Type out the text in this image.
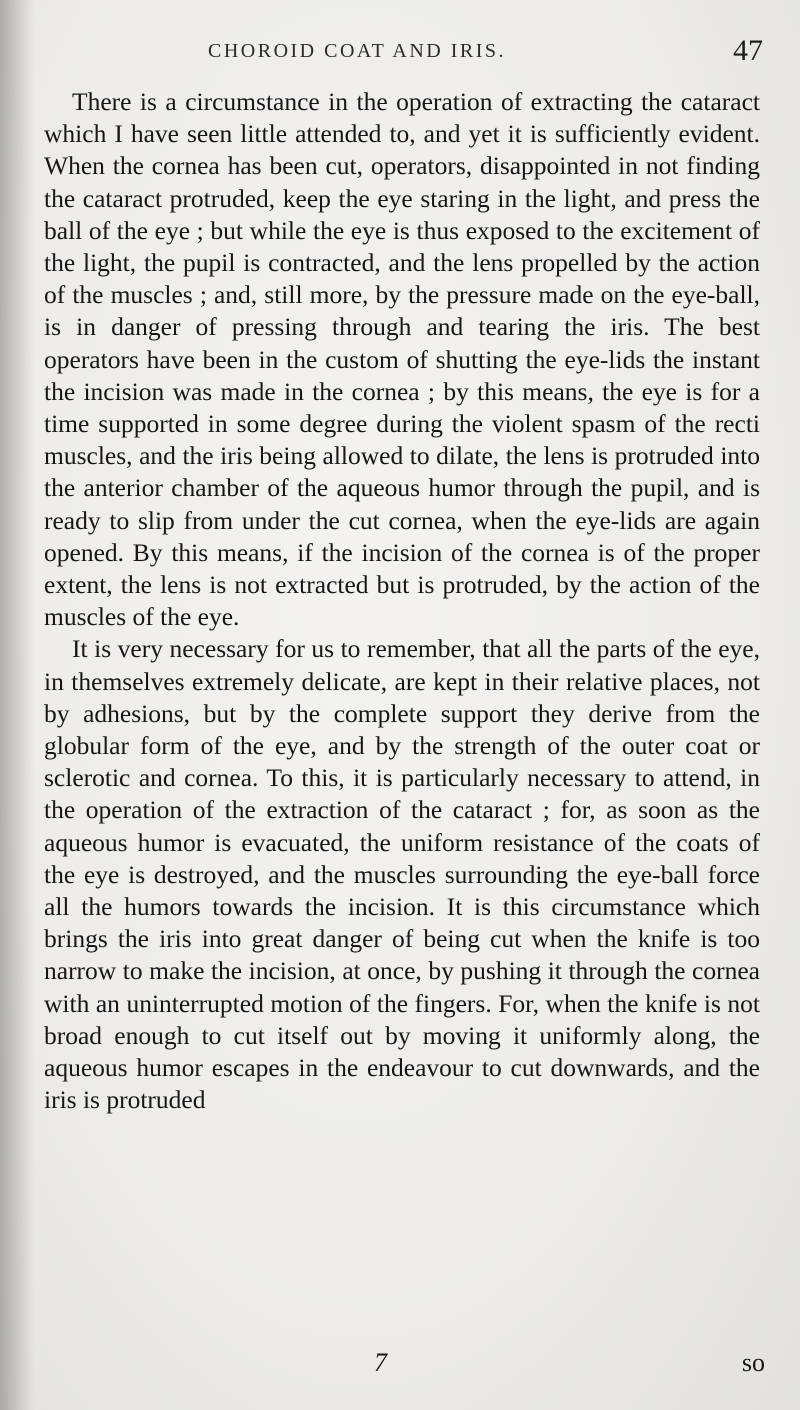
CHOROID COAT AND IRIS.	47

There is a circumstance in the operation of extracting the cataract which I have seen little attended to, and yet it is sufficiently evident. When the cornea has been cut, operators, disappointed in not finding the cataract protruded, keep the eye staring in the light, and press the ball of the eye ; but while the eye is thus exposed to the excitement of the light, the pupil is contracted, and the lens propelled by the action of the muscles ; and, still more, by the pressure made on the eye-ball, is in danger of pressing through and tearing the iris. The best operators have been in the custom of shutting the eye-lids the instant the incision was made in the cornea ; by this means, the eye is for a time supported in some degree during the violent spasm of the recti muscles, and the iris being allowed to dilate, the lens is protruded into the anterior chamber of the aqueous humor through the pupil, and is ready to slip from under the cut cornea, when the eye-lids are again opened. By this means, if the incision of the cornea is of the proper extent, the lens is not extracted but is protruded, by the action of the muscles of the eye.

It is very necessary for us to remember, that all the parts of the eye, in themselves extremely delicate, are kept in their relative places, not by adhesions, but by the complete support they derive from the globular form of the eye, and by the strength of the outer coat or sclerotic and cornea. To this, it is particularly necessary to attend, in the operation of the extraction of the cataract ; for, as soon as the aqueous humor is evacuated, the uniform resistance of the coats of the eye is destroyed, and the muscles surrounding the eye-ball force all the humors towards the incision. It is this circumstance which brings the iris into great danger of being cut when the knife is too narrow to make the incision, at once, by pushing it through the cornea with an uninterrupted motion of the fingers. For, when the knife is not broad enough to cut itself out by moving it uniformly along, the aqueous humor escapes in the endeavour to cut downwards, and the iris is protruded

7	so
